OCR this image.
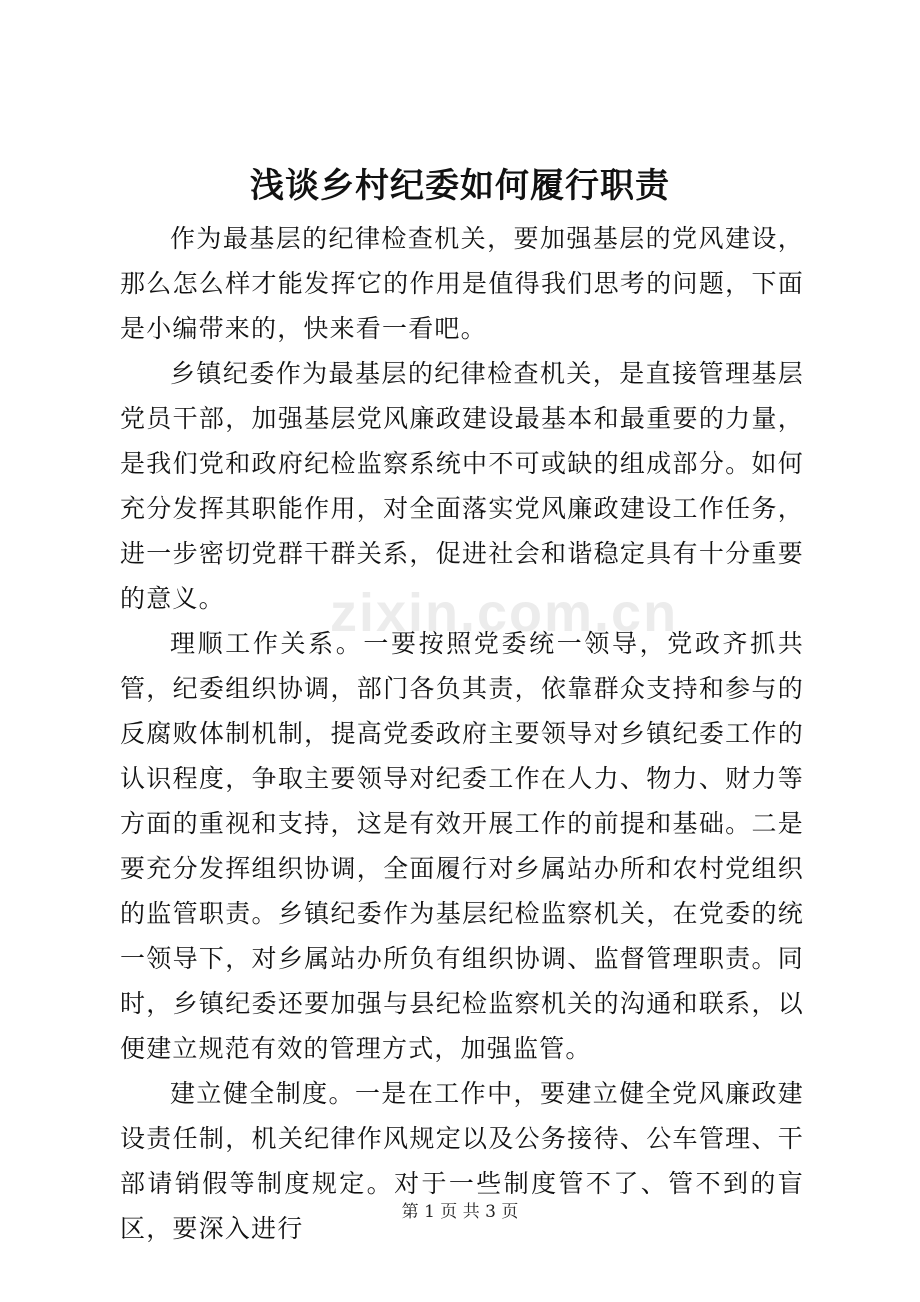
浅谈乡村纪委如何履行职责

作为最基层的纪律检查机关，要加强基层的党风建设，那么怎么样才能发挥它的作用是值得我们思考的问题，下面是小编带来的，快来看一看吧。

乡镇纪委作为最基层的纪律检查机关，是直接管理基层党员干部，加强基层党风廉政建设最基本和最重要的力量，是我们党和政府纪检监察系统中不可或缺的组成部分。如何充分发挥其职能作用，对全面落实党风廉政建设工作任务，进一步密切党群干群关系，促进社会和谐稳定具有十分重要的意义。

理顺工作关系。一要按照党委统一领导，党政齐抓共管，纪委组织协调，部门各负其责，依靠群众支持和参与的反腐败体制机制，提高党委政府主要领导对乡镇纪委工作的认识程度，争取主要领导对纪委工作在人力、物力、财力等方面的重视和支持，这是有效开展工作的前提和基础。二是要充分发挥组织协调，全面履行对乡属站办所和农村党组织的监管职责。乡镇纪委作为基层纪检监察机关，在党委的统一领导下，对乡属站办所负有组织协调、监督管理职责。同时，乡镇纪委还要加强与县纪检监察机关的沟通和联系，以便建立规范有效的管理方式，加强监管。

建立健全制度。一是在工作中，要建立健全党风廉政建设责任制，机关纪律作风规定以及公务接待、公车管理、干部请销假等制度规定。对于一些制度管不了、管不到的盲区，要深入进行

zixin.com.cn
第 1 页 共 3 页
